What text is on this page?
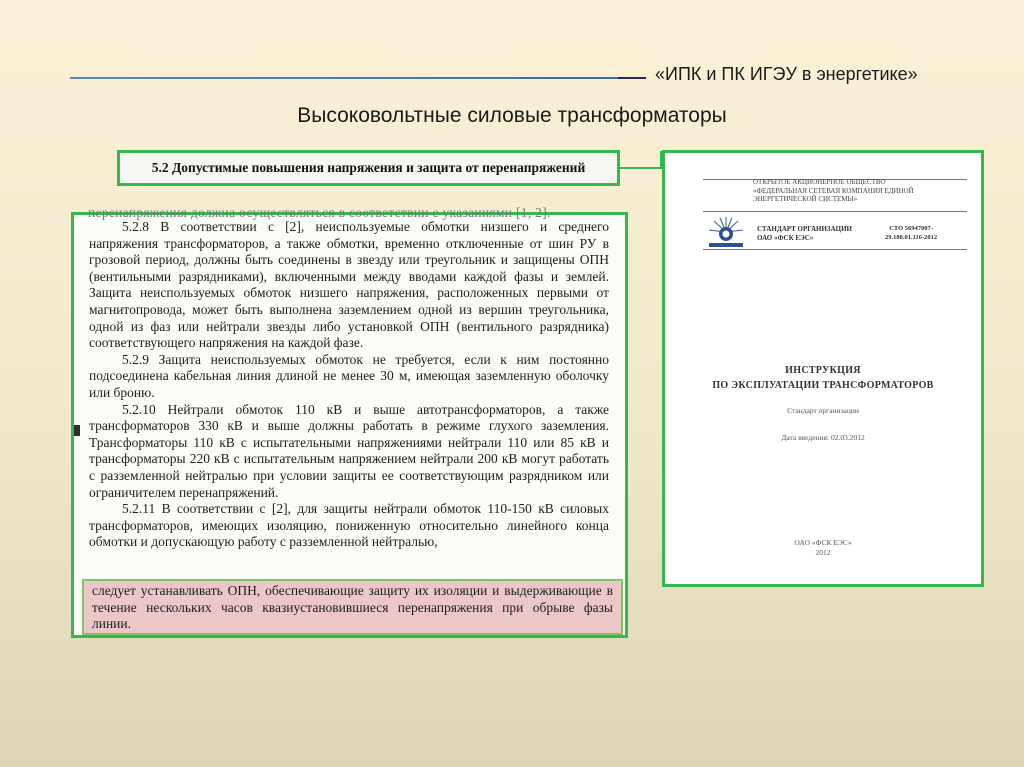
«ИПК и ПК ИГЭУ в энергетике»
Высоковольтные силовые трансформаторы
5.2 Допустимые повышения напряжения и защита от перенапряжений
перенапряжения должна осуществляться в соответствии с указаниями [1, 2].

5.2.8 В соответствии с [2], неиспользуемые обмотки низшего и среднего напряжения трансформаторов, а также обмотки, временно отключенные от шин РУ в грозовой период, должны быть соединены в звезду или треугольник и защищены ОПН (вентильными разрядниками), включенными между вводами каждой фазы и землей. Защита неиспользуемых обмоток низшего напряжения, расположенных первыми от магнитопровода, может быть выполнена заземлением одной из вершин треугольника, одной из фаз или нейтрали звезды либо установкой ОПН (вентильного разрядника) соответствующего напряжения на каждой фазе.

5.2.9 Защита неиспользуемых обмоток не требуется, если к ним постоянно подсоединена кабельная линия длиной не менее 30 м, имеющая заземленную оболочку или броню.

5.2.10 Нейтрали обмоток 110 кВ и выше автотрансформаторов, а также трансформаторов 330 кВ и выше должны работать в режиме глухого заземления. Трансформаторы 110 кВ с испытательными напряжениями нейтрали 110 или 85 кВ и трансформаторы 220 кВ с испытательным напряжением нейтрали 200 кВ могут работать с разземленной нейтралью при условии защиты ее соответствующим разрядником или ограничителем перенапряжений.

5.2.11 В соответствии с [2], для защиты нейтрали обмоток 110-150 кВ силовых трансформаторов, имеющих изоляцию, пониженную относительно линейного конца обмотки и допускающую работу с разземленной нейтралью,

следует устанавливать ОПН, обеспечивающие защиту их изоляции и выдерживающие в течение нескольких часов квазиустановившиеся перенапряжения при обрыве фазы линии.
ОТКРЫТОЕ АКЦИОНЕРНОЕ ОБЩЕСТВО «ФЕДЕРАЛЬНАЯ СЕТЕВАЯ КОМПАНИЯ ЕДИНОЙ ЭНЕРГЕТИЧЕСКОЙ СИСТЕМЫ»
СТАНДАРТ ОРГАНИЗАЦИИ
ОАО «ФСК ЕЭС»
СТО 56947007-
29.180.01.116-2012
ИНСТРУКЦИЯ
ПО ЭКСПЛУАТАЦИИ ТРАНСФОРМАТОРОВ
Стандарт организации
Дата введения: 02.03.2012
ОАО «ФСК ЕЭС»
2012
